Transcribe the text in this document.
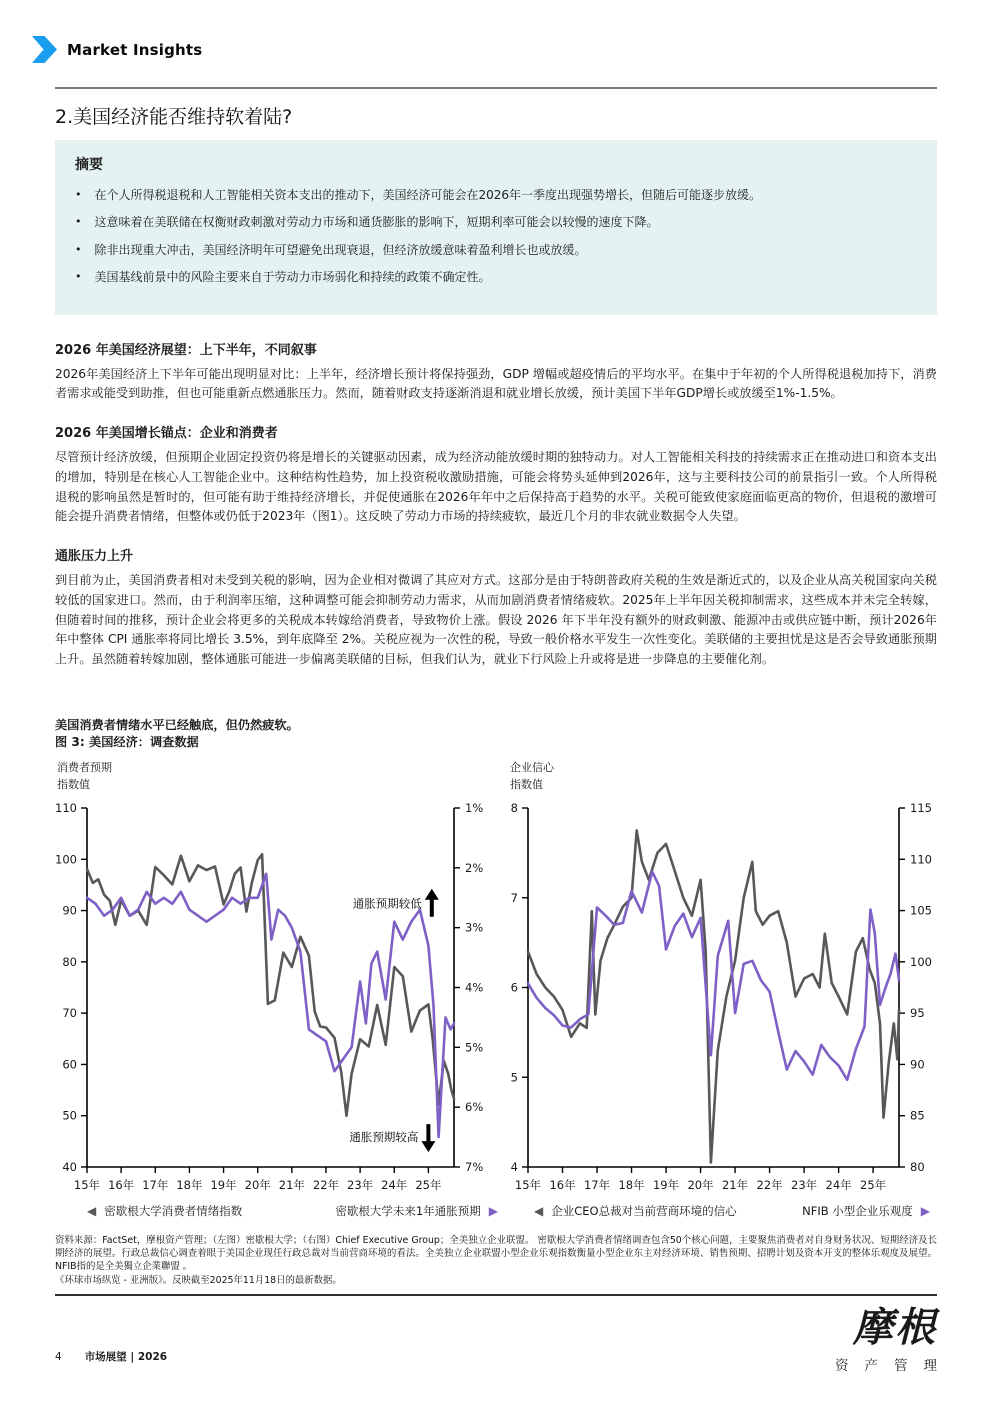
Market Insights
2.美国经济能否维持软着陆?
摘要
• 在个人所得税退税和人工智能相关资本支出的推动下，美国经济可能会在2026年一季度出现强势增长，但随后可能逐步放缓。
• 这意味着在美联储在权衡财政刺激对劳动力市场和通货膨胀的影响下，短期利率可能会以较慢的速度下降。
• 除非出现重大冲击，美国经济明年可望避免出现衰退，但经济放缓意味着盈利增长也或放缓。
• 美国基线前景中的风险主要来自于劳动力市场弱化和持续的政策不确定性。
2026 年美国经济展望：上下半年，不同叙事

2026年美国经济上下半年可能出现明显对比：上半年，经济增长预计将保持强劲，GDP 增幅或超疫情后的平均水平。在集中于年初的个人所得税退税加持下，消费者需求或能受到助推，但也可能重新点燃通胀压力。然而，随着财政支持逐渐消退和就业增长放缓，预计美国下半年GDP增长或放缓至1%-1.5%。

2026 年美国增长锚点：企业和消费者

尽管预计经济放缓，但预期企业固定投资仍将是增长的关键驱动因素，成为经济动能放缓时期的独特动力。对人工智能相关科技的持续需求正在推动进口和资本支出的增加，特别是在核心人工智能企业中。这种结构性趋势，加上投资税收激励措施，可能会将势头延伸到2026年，这与主要科技公司的前景指引一致。个人所得税退税的影响虽然是暂时的，但可能有助于维持经济增长，并促使通胀在2026年年中之后保持高于趋势的水平。关税可能致使家庭面临更高的物价，但退税的激增可能会提升消费者情绪，但整体或仍低于2023年（图1）。这反映了劳动力市场的持续疲软，最近几个月的非农就业数据令人失望。

通胀压力上升

到目前为止，美国消费者相对未受到关税的影响，因为企业相对微调了其应对方式。这部分是由于特朗普政府关税的生效是渐近式的，以及企业从高关税国家向关税较低的国家进口。然而，由于利润率压缩，这种调整可能会抑制劳动力需求，从而加剧消费者情绪疲软。2025年上半年因关税抑制需求，这些成本并未完全转嫁，但随着时间的推移，预计企业会将更多的关税成本转嫁给消费者，导致物价上涨。假设 2026 年下半年没有额外的财政刺激、能源冲击或供应链中断，预计2026年年中整体 CPI 通胀率将同比增长 3.5%，到年底降至 2%。关税应视为一次性的税，导致一般价格水平发生一次性变化。美联储的主要担忧是这是否会导致通胀预期上升。虽然随着转嫁加剧，整体通胀可能进一步偏离美联储的目标，但我们认为，就业下行风险上升或将是进一步降息的主要催化剂。

美国消费者情绪水平已经触底，但仍然疲软。
图 3: 美国经济：调查数据
消费者预期
指数值
110
100
90
80
70
60
50
40
1%
2%
3%
4%
5%
6%
7%
15年 16年 17年 18年 19年 20年 21年 22年 23年 24年 25年
通胀预期较低
通胀预期较高
◀ 密歇根大学消费者情绪指数	密歇根大学未来1年通胀预期 ▶
企业信心
指数值
8
7
6
5
4
115
110
105
100
95
90
85
80
15年 16年 17年 18年 19年 20年 21年 22年 23年 24年 25年
◀ 企业CEO总裁对当前营商环境的信心	NFIB 小型企业乐观度 ▶

资料来源：FactSet，摩根资产管理；（左图）密歇根大学；（右图）Chief Executive Group；全美独立企业联盟。 密歇根大学消费者情绪调查包含50个核心问题，主要聚焦消费者对自身财务状况、短期经济及长期经济的展望。行政总裁信心调查着眼于美国企业现任行政总裁对当前营商环境的看法。全美独立企业联盟小型企业乐观指数衡量小型企业东主对经济环境、销售预期、招聘计划及资本开支的整体乐观度及展望。 NFIB指的是全美獨立企業聯盟 。
《环球市场纵览 - 亚洲版》。反映截至2025年11月18日的最新数据。

4 市场展望 | 2026
摩根
资 产 管 理
